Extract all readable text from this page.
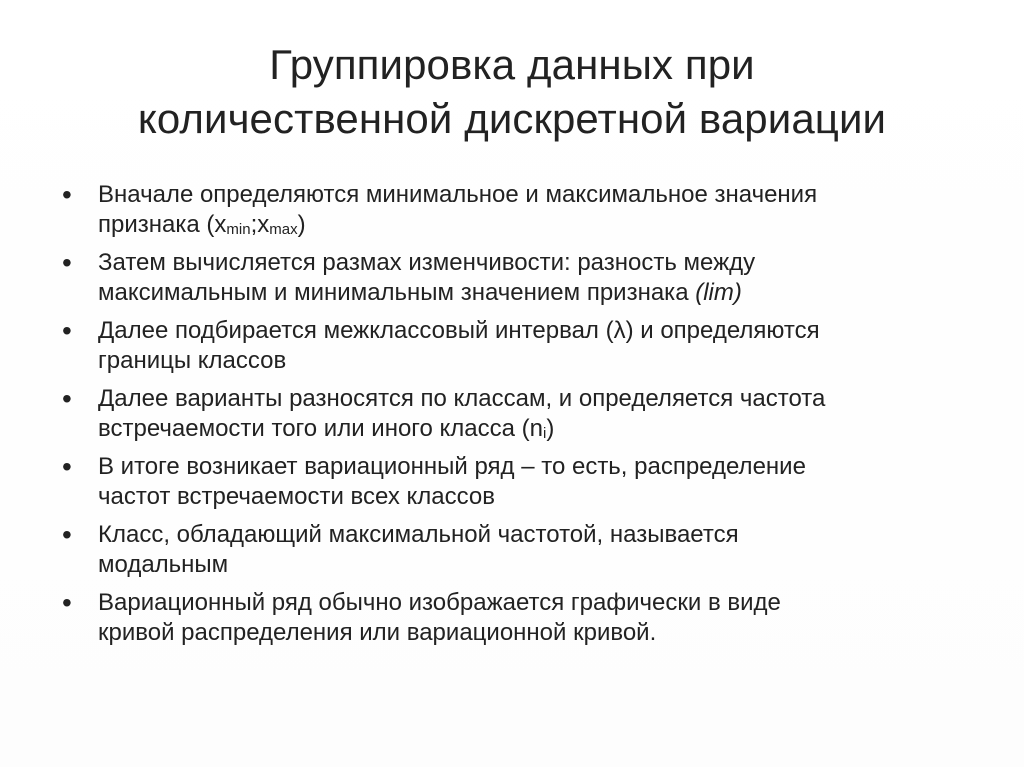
Группировка данных при
количественной дискретной вариации
•	Вначале определяются минимальное и максимальное значения
признака (xmin;xmax)
•	Затем вычисляется размах изменчивости: разность между
максимальным и минимальным значением признака (lim)
•	Далее подбирается межклассовый интервал (λ) и определяются
границы классов
•	Далее варианты разносятся по классам, и определяется частота
встречаемости того или иного класса (ni)
•	В итоге возникает вариационный ряд – то есть, распределение
частот встречаемости всех классов
•	Класс, обладающий максимальной частотой, называется
модальным
•	Вариационный ряд обычно изображается графически в виде
кривой распределения или вариационной кривой.
